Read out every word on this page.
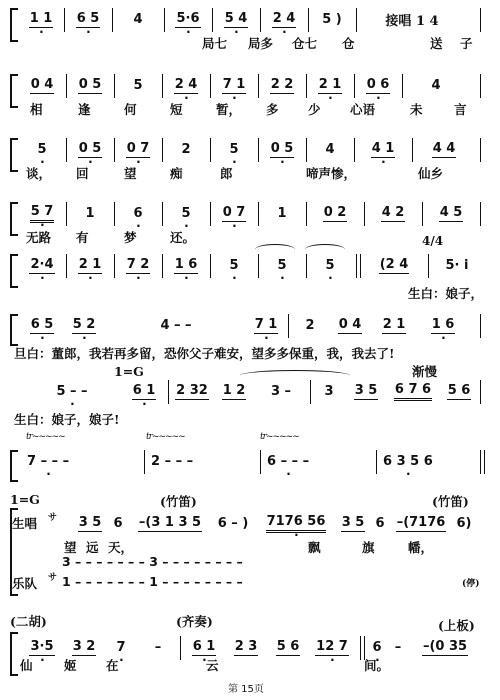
1 1 . 6 5 .	4	5·6 . 5 4 . 2 4 . 5 )	接唱 1 4
局七 局多 仓七 仓	送 子
0 4 0 5 5 2 4 . 7 1 . 2 2 2 1 . 0 6 .	4
相	逢	何	短	暂， 多 少 心语	未	言
5 . 0 5 . 0 7 . 2	5 . 0 5 . 4	4 1 .	4 4
谈， 回	望	痴	郎	啼声惨，	仙乡
5 7 . 1	6 .	5 . 0 7 . 1	0 2	4 2	4 5
无路 有	梦	还。	4/4
2·4 . 2 1 . 7 2 . 1 6 . 5 .	5 .	5 .	(2 4	5· i
生白：娘子，
6 5 . 5 2 .	4 – –	7 1 . 2 0 4 2 1 1 6 .
旦白：董郎，我若再多留，恐你父子难安，望多多保重，我，我去了!
1=G	渐慢
5 – – .	6 1 . 2 32 1 2 3 –	3 3 5 6 7 6 5 6
生白：娘子，娘子!
tr~~~~~	tr~~~~~	tr~~~~~
7 – – – .	2 – – –	6 – – – .	6 3 5 6 .
1=G	(竹笛)	(竹笛)
生唱 サ 3 5 6 –(3 1 3 5 6 – ) 7176 56 . 3 5 6 –(7176 6)
望 远 天，	飘	旗	幡，
3 – – – – – – – 3 – – – – – – – –
乐队 サ 1 – – – – – – – 1 – – – – – – – –	(停)
(二胡)	(齐奏)	(上板)
3·5 . 3 2 7 . – 6 1 . 2 3 5 6 12 7 . 6 . – –(0 35
仙	姬 在	云	间。
第 15页
